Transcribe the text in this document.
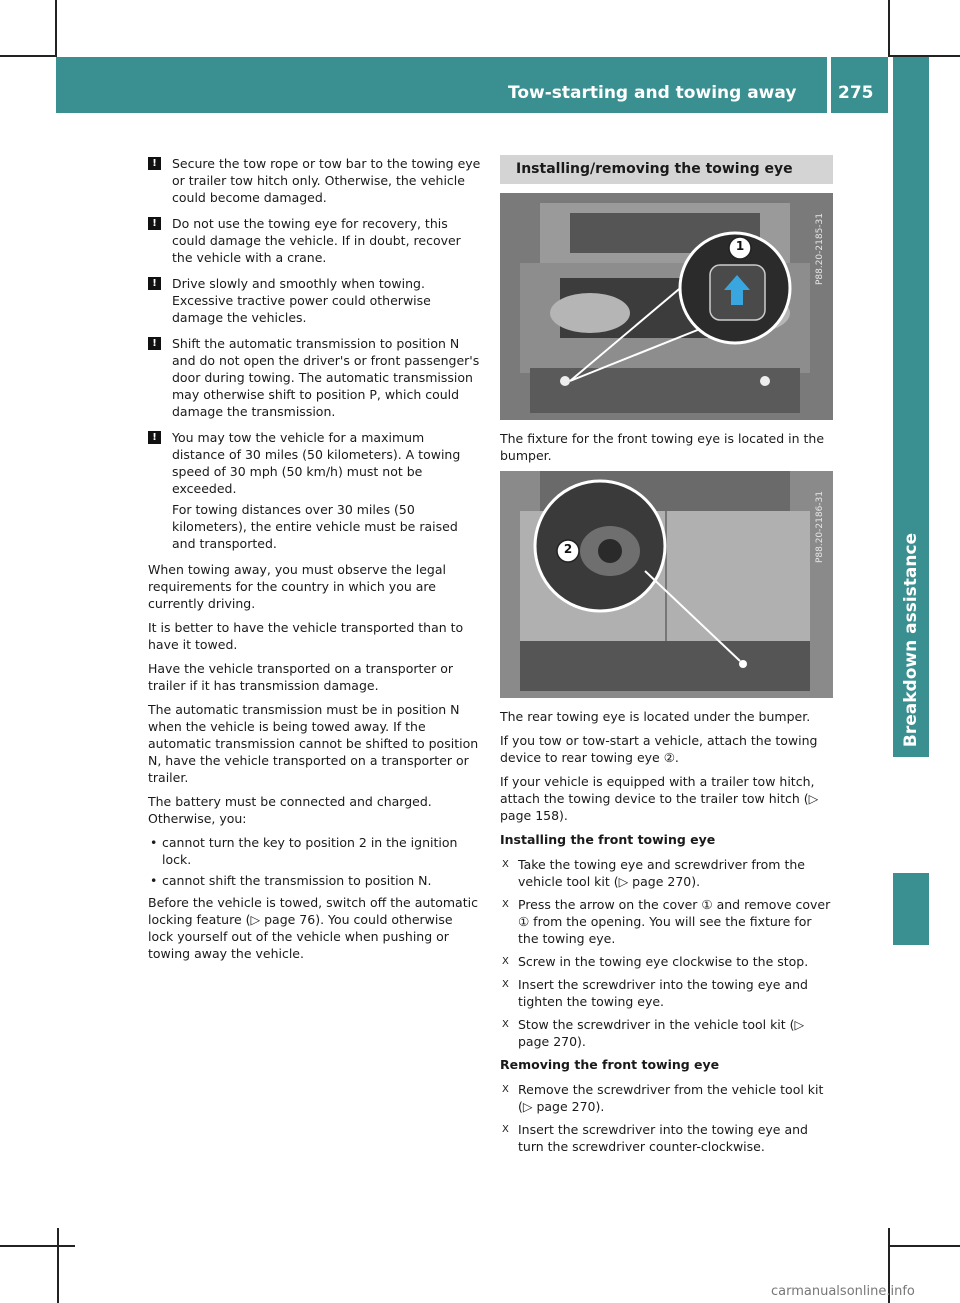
Tow-starting and towing away 275
Breakdown assistance
!	Secure the tow rope or tow bar to the towing eye or trailer tow hitch only. Otherwise, the vehicle could become damaged.

!	Do not use the towing eye for recovery, this could damage the vehicle. If in doubt, recover the vehicle with a crane.

!	Drive slowly and smoothly when towing. Excessive tractive power could otherwise damage the vehicles.

!	Shift the automatic transmission to position N and do not open the driver's or front passenger's door during towing. The automatic transmission may otherwise shift to position P, which could damage the transmission.

!	You may tow the vehicle for a maximum distance of 30 miles (50 kilometers). A towing speed of 30 mph (50 km/h) must not be exceeded.

For towing distances over 30 miles (50 kilometers), the entire vehicle must be raised and transported.

When towing away, you must observe the legal requirements for the country in which you are currently driving.

It is better to have the vehicle transported than to have it towed.

Have the vehicle transported on a transporter or trailer if it has transmission damage.

The automatic transmission must be in position N when the vehicle is being towed away. If the automatic transmission cannot be shifted to position N, have the vehicle transported on a transporter or trailer.

The battery must be connected and charged. Otherwise, you:

• cannot turn the key to position 2 in the ignition lock.
• cannot shift the transmission to position N.

Before the vehicle is towed, switch off the automatic locking feature (▷ page 76). You could otherwise lock yourself out of the vehicle when pushing or towing away the vehicle.

Installing/removing the towing eye
1	P88.20-2185-31

The fixture for the front towing eye is located in the bumper.

2	P88.20-2186-31

The rear towing eye is located under the bumper.

If you tow or tow-start a vehicle, attach the towing device to rear towing eye ②.

If your vehicle is equipped with a trailer tow hitch, attach the towing device to the trailer tow hitch (▷ page 158).

Installing the front towing eye
X Take the towing eye and screwdriver from the vehicle tool kit (▷ page 270).
X Press the arrow on the cover ① and remove cover ① from the opening. You will see the fixture for the towing eye.
X Screw in the towing eye clockwise to the stop.
X Insert the screwdriver into the towing eye and tighten the towing eye.
X Stow the screwdriver in the vehicle tool kit (▷ page 270).
Removing the front towing eye
X Remove the screwdriver from the vehicle tool kit (▷ page 270).
X Insert the screwdriver into the towing eye and turn the screwdriver counter-clockwise.
carmanualsonline.info
